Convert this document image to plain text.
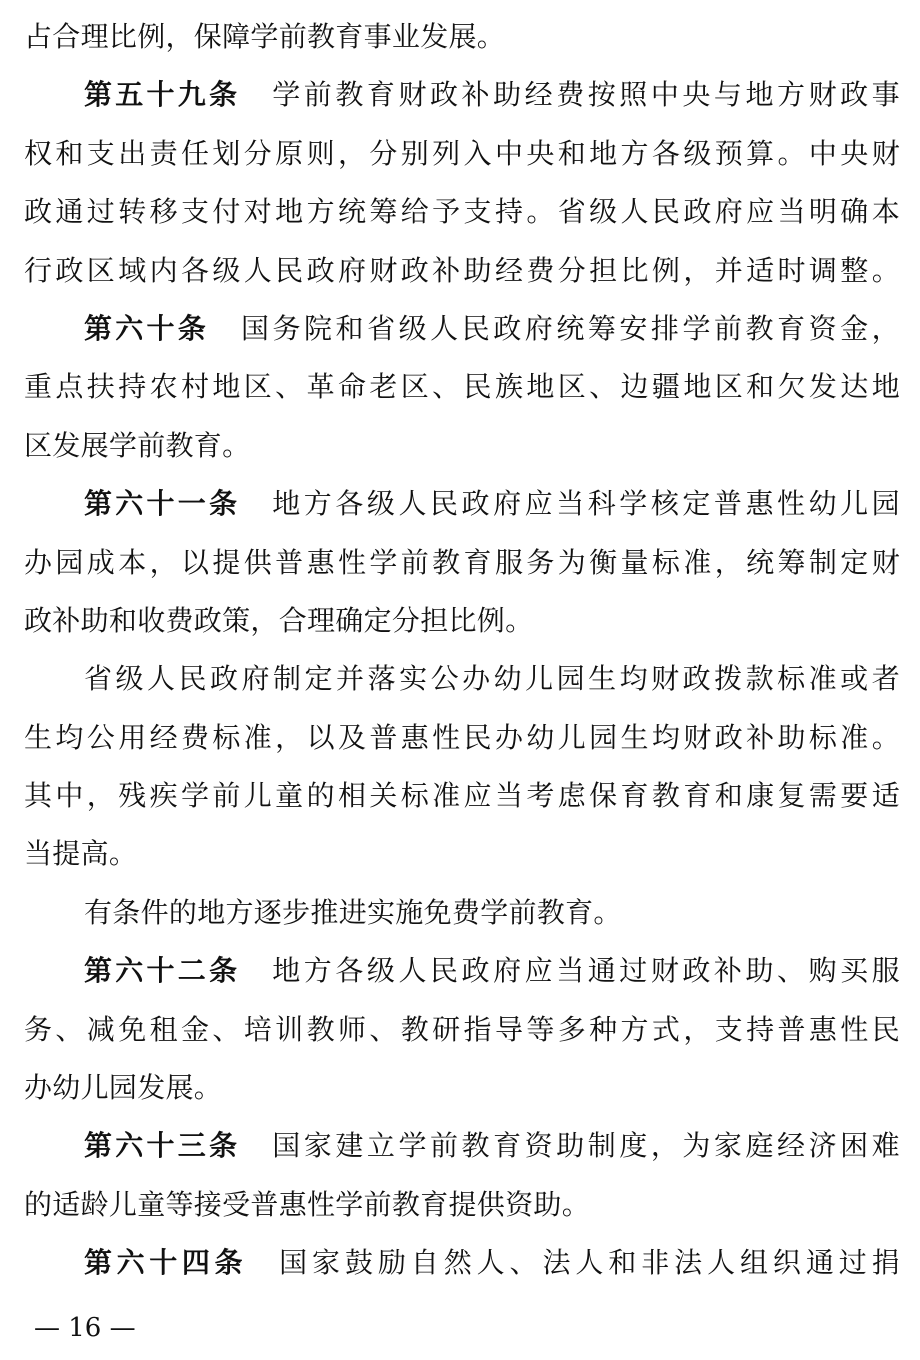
占合理比例，保障学前教育事业发展。
第五十九条 学前教育财政补助经费按照中央与地方财政事
权和支出责任划分原则，分别列入中央和地方各级预算。中央财
政通过转移支付对地方统筹给予支持。省级人民政府应当明确本
行政区域内各级人民政府财政补助经费分担比例，并适时调整。
第六十条 国务院和省级人民政府统筹安排学前教育资金，
重点扶持农村地区、革命老区、民族地区、边疆地区和欠发达地
区发展学前教育。
第六十一条 地方各级人民政府应当科学核定普惠性幼儿园
办园成本，以提供普惠性学前教育服务为衡量标准，统筹制定财
政补助和收费政策，合理确定分担比例。
省级人民政府制定并落实公办幼儿园生均财政拨款标准或者
生均公用经费标准，以及普惠性民办幼儿园生均财政补助标准。
其中，残疾学前儿童的相关标准应当考虑保育教育和康复需要适
当提高。
有条件的地方逐步推进实施免费学前教育。
第六十二条 地方各级人民政府应当通过财政补助、购买服
务、减免租金、培训教师、教研指导等多种方式，支持普惠性民
办幼儿园发展。
第六十三条 国家建立学前教育资助制度，为家庭经济困难
的适龄儿童等接受普惠性学前教育提供资助。
第六十四条 国家鼓励自然人、法人和非法人组织通过捐
— 16 —
